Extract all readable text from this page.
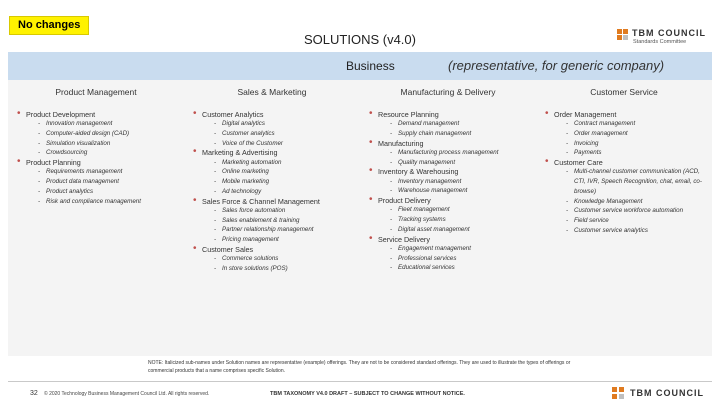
No changes
SOLUTIONS (v4.0)	TBM COUNCIL
Standards Committee
Business	(representative, for generic company)
Product Management
• Product Development
- Innovation management
- Computer-aided design (CAD)
- Simulation visualization
- Crowdsourcing
• Product Planning
- Requirements management
- Product data management
- Product analytics
- Risk and compliance management
Sales & Marketing
• Customer Analytics
- Digital analytics
- Customer analytics
- Voice of the Customer
• Marketing & Advertising
- Marketing automation
- Online marketing
- Mobile marketing
- Ad technology
• Sales Force & Channel Management
- Sales force automation
- Sales enablement & training
- Partner relationship management
- Pricing management
• Customer Sales
- Commerce solutions
- In store solutions (POS)
Manufacturing & Delivery
• Resource Planning
- Demand management
- Supply chain management
• Manufacturing
- Manufacturing process management
- Quality management
• Inventory & Warehousing
- Inventory management
- Warehouse management
• Product Delivery
- Fleet management
- Tracking systems
- Digital asset management
• Service Delivery
- Engagement management
- Professional services
- Educational services
Customer Service
• Order Management
- Contract management
- Order management
- Invoicing
- Payments
• Customer Care
- Multi-channel customer communication (ACD, CTI, IVR, Speech Recognition, chat, email, co-browse)
- Knowledge Management
- Customer service workforce automation
- Field service
- Customer service analytics
NOTE: Italicized sub-names under Solution names are representative (example) offerings. They are not to be considered standard offerings. They are used to illustrate the types of offerings or commercial products that a name comprises specific Solution.
32 © 2020 Technology Business Management Council Ltd. All rights reserved.	TBM TAXONOMY V4.0 DRAFT – SUBJECT TO CHANGE WITHOUT NOTICE.	TBM COUNCIL
